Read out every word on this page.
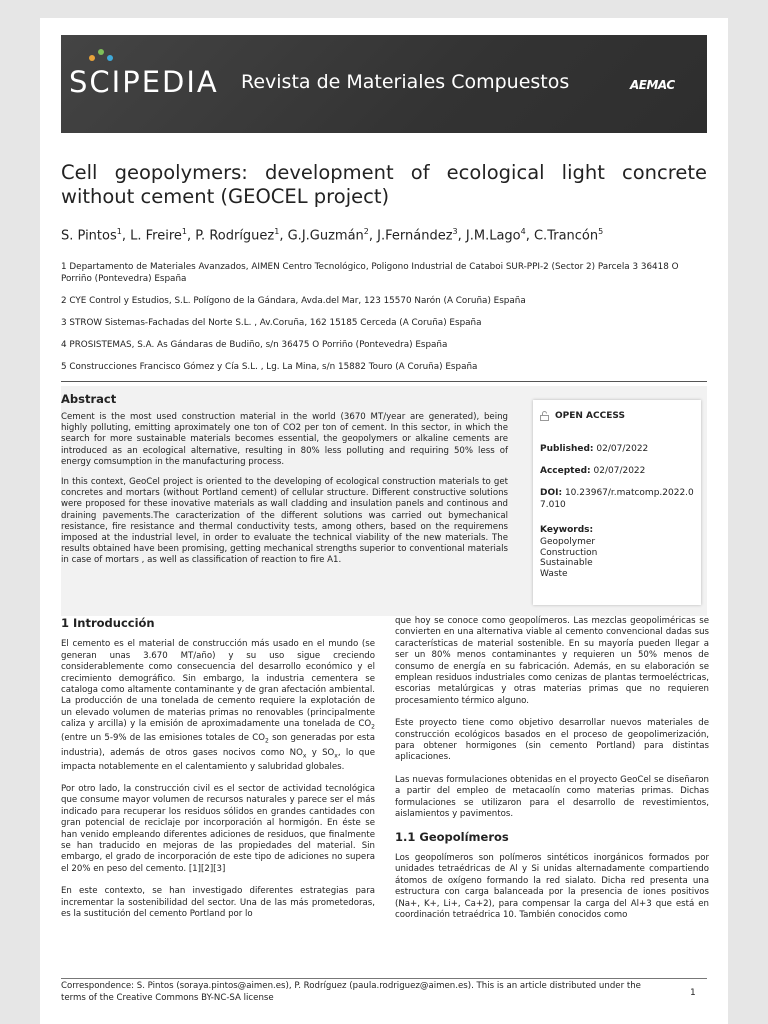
SCIPEDIA Revista de Materiales Compuestos	AEMAC
Cell geopolymers: development of ecological light concrete without cement (GEOCEL project)
S. Pintos$^1$, L. Freire$^1$, P. Rodríguez$^1$, G.J.Guzmán$^2$, J.Fernández$^3$, J.M.Lago$^4$, C.Trancón$^5$

1 Departamento de Materiales Avanzados, AIMEN Centro Tecnológico, Poligono Industrial de Cataboi SUR-PPI-2 (Sector 2) Parcela 3 36418 O Porriño (Pontevedra) España

2 CYE Control y Estudios, S.L. Polígono de la Gándara, Avda.del Mar, 123 15570 Narón (A Coruña) España

3 STROW Sistemas-Fachadas del Norte S.L. , Av.Coruña, 162 15185 Cerceda (A Coruña) España

4 PROSISTEMAS, S.A. As Gándaras de Budiño, s/n 36475 O Porriño (Pontevedra) España

5 Construcciones Francisco Gómez y Cía S.L. , Lg. La Mina, s/n 15882 Touro (A Coruña) España

Abstract

Cement is the most used construction material in the world (3670 MT/year are generated), being highly polluting, emitting aproximately one ton of CO2 per ton of cement. In this sector, in which the search for more sustainable materials becomes essential, the geopolymers or alkaline cements are introduced as an ecological alternative, resulting in 80% less polluting and requiring 50% less of energy comsumption in the manufacturing process.

In this context, GeoCel project is oriented to the developing of ecological construction materials to get concretes and mortars (without Portland cement) of cellular structure. Different constructive solutions were proposed for these inovative materials as wall cladding and insulation panels and continous and draining pavements.The caracterization of the different solutions was carried out bymechanical resistance, fire resistance and thermal conductivity tests, among others, based on the requiremens imposed at the industrial level, in order to evaluate the technical viability of the new materials. The results obtained have been promising, getting mechanical strengths superior to conventional materials in case of mortars , as well as classification of reaction to fire A1.

OPEN ACCESS
Published: 02/07/2022
Accepted: 02/07/2022
DOI: 10.23967/r.matcomp.2022.07.010
Keywords:
Geopolymer
Construction
Sustainable
Waste
1 Introducción

El cemento es el material de construcción más usado en el mundo (se generan unas 3.670 MT/año) y su uso sigue creciendo considerablemente como consecuencia del desarrollo económico y el crecimiento demográfico. Sin embargo, la industria cementera se cataloga como altamente contaminante y de gran afectación ambiental. La producción de una tonelada de cemento requiere la explotación de un elevado volumen de materias primas no renovables (principalmente caliza y arcilla) y la emisión de aproximadamente una tonelada de $CO_2$ (entre un 5-9% de las emisiones totales de $CO_2$ son generadas por esta industria), además de otros gases nocivos como $NO_x$ y $SO_x$, lo que impacta notablemente en el calentamiento y salubridad globales.

Por otro lado, la construcción civil es el sector de actividad tecnológica que consume mayor volumen de recursos naturales y parece ser el más indicado para recuperar los residuos sólidos en grandes cantidades con gran potencial de reciclaje por incorporación al hormigón. En éste se han venido empleando diferentes adiciones de residuos, que finalmente se han traducido en mejoras de las propiedades del material. Sin embargo, el grado de incorporación de este tipo de adiciones no supera el 20% en peso del cemento. [1][2][3]

En este contexto, se han investigado diferentes estrategias para incrementar la sostenibilidad del sector. Una de las más prometedoras, es la sustitución del cemento Portland por lo

que hoy se conoce como geopolímeros. Las mezclas geopoliméricas se convierten en una alternativa viable al cemento convencional dadas sus características de material sostenible. En su mayoría pueden llegar a ser un 80% menos contaminantes y requieren un 50% menos de consumo de energía en su fabricación. Además, en su elaboración se emplean residuos industriales como cenizas de plantas termoeléctricas, escorias metalúrgicas y otras materias primas que no requieren procesamiento térmico alguno.

Este proyecto tiene como objetivo desarrollar nuevos materiales de construcción ecológicos basados en el proceso de geopolimerización, para obtener hormigones (sin cemento Portland) para distintas aplicaciones.

Las nuevas formulaciones obtenidas en el proyecto GeoCel se diseñaron a partir del empleo de metacaolín como materias primas. Dichas formulaciones se utilizaron para el desarrollo de revestimientos, aislamientos y pavimentos.

1.1 Geopolímeros

Los geopolímeros son polímeros sintéticos inorgánicos formados por unidades tetraédricas de Al y Si unidas alternadamente compartiendo átomos de oxígeno formando la red sialato. Dicha red presenta una estructura con carga balanceada por la presencia de iones positivos (Na+, K+, Li+, Ca+2), para compensar la carga del Al+3 que está en coordinación tetraédrica 10. También conocidos como

Correspondence: S. Pintos (soraya.pintos@aimen.es), P. Rodríguez (paula.rodriguez@aimen.es). This is an article distributed under the terms of the Creative Commons BY-NC-SA license	1
